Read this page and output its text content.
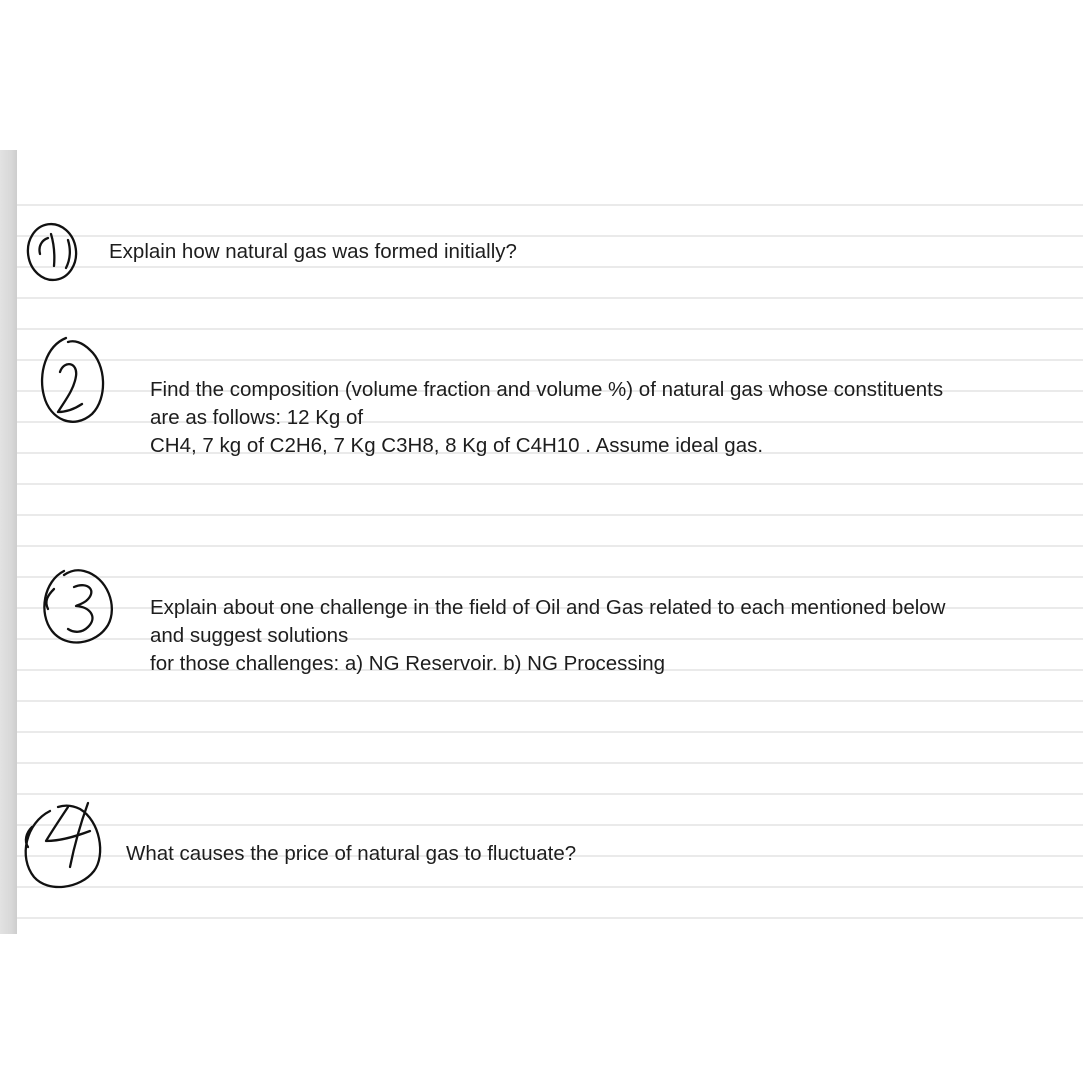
Explain how natural gas was formed initially?
Find the composition (volume fraction and volume %) of natural gas whose constituents
are as follows: 12 Kg of
CH4, 7 kg of C2H6, 7 Kg C3H8, 8 Kg of C4H10 . Assume ideal gas.
Explain about one challenge in the field of Oil and Gas related to each mentioned below
and suggest solutions
for those challenges: a) NG Reservoir. b) NG Processing
What causes the price of natural gas to fluctuate?
